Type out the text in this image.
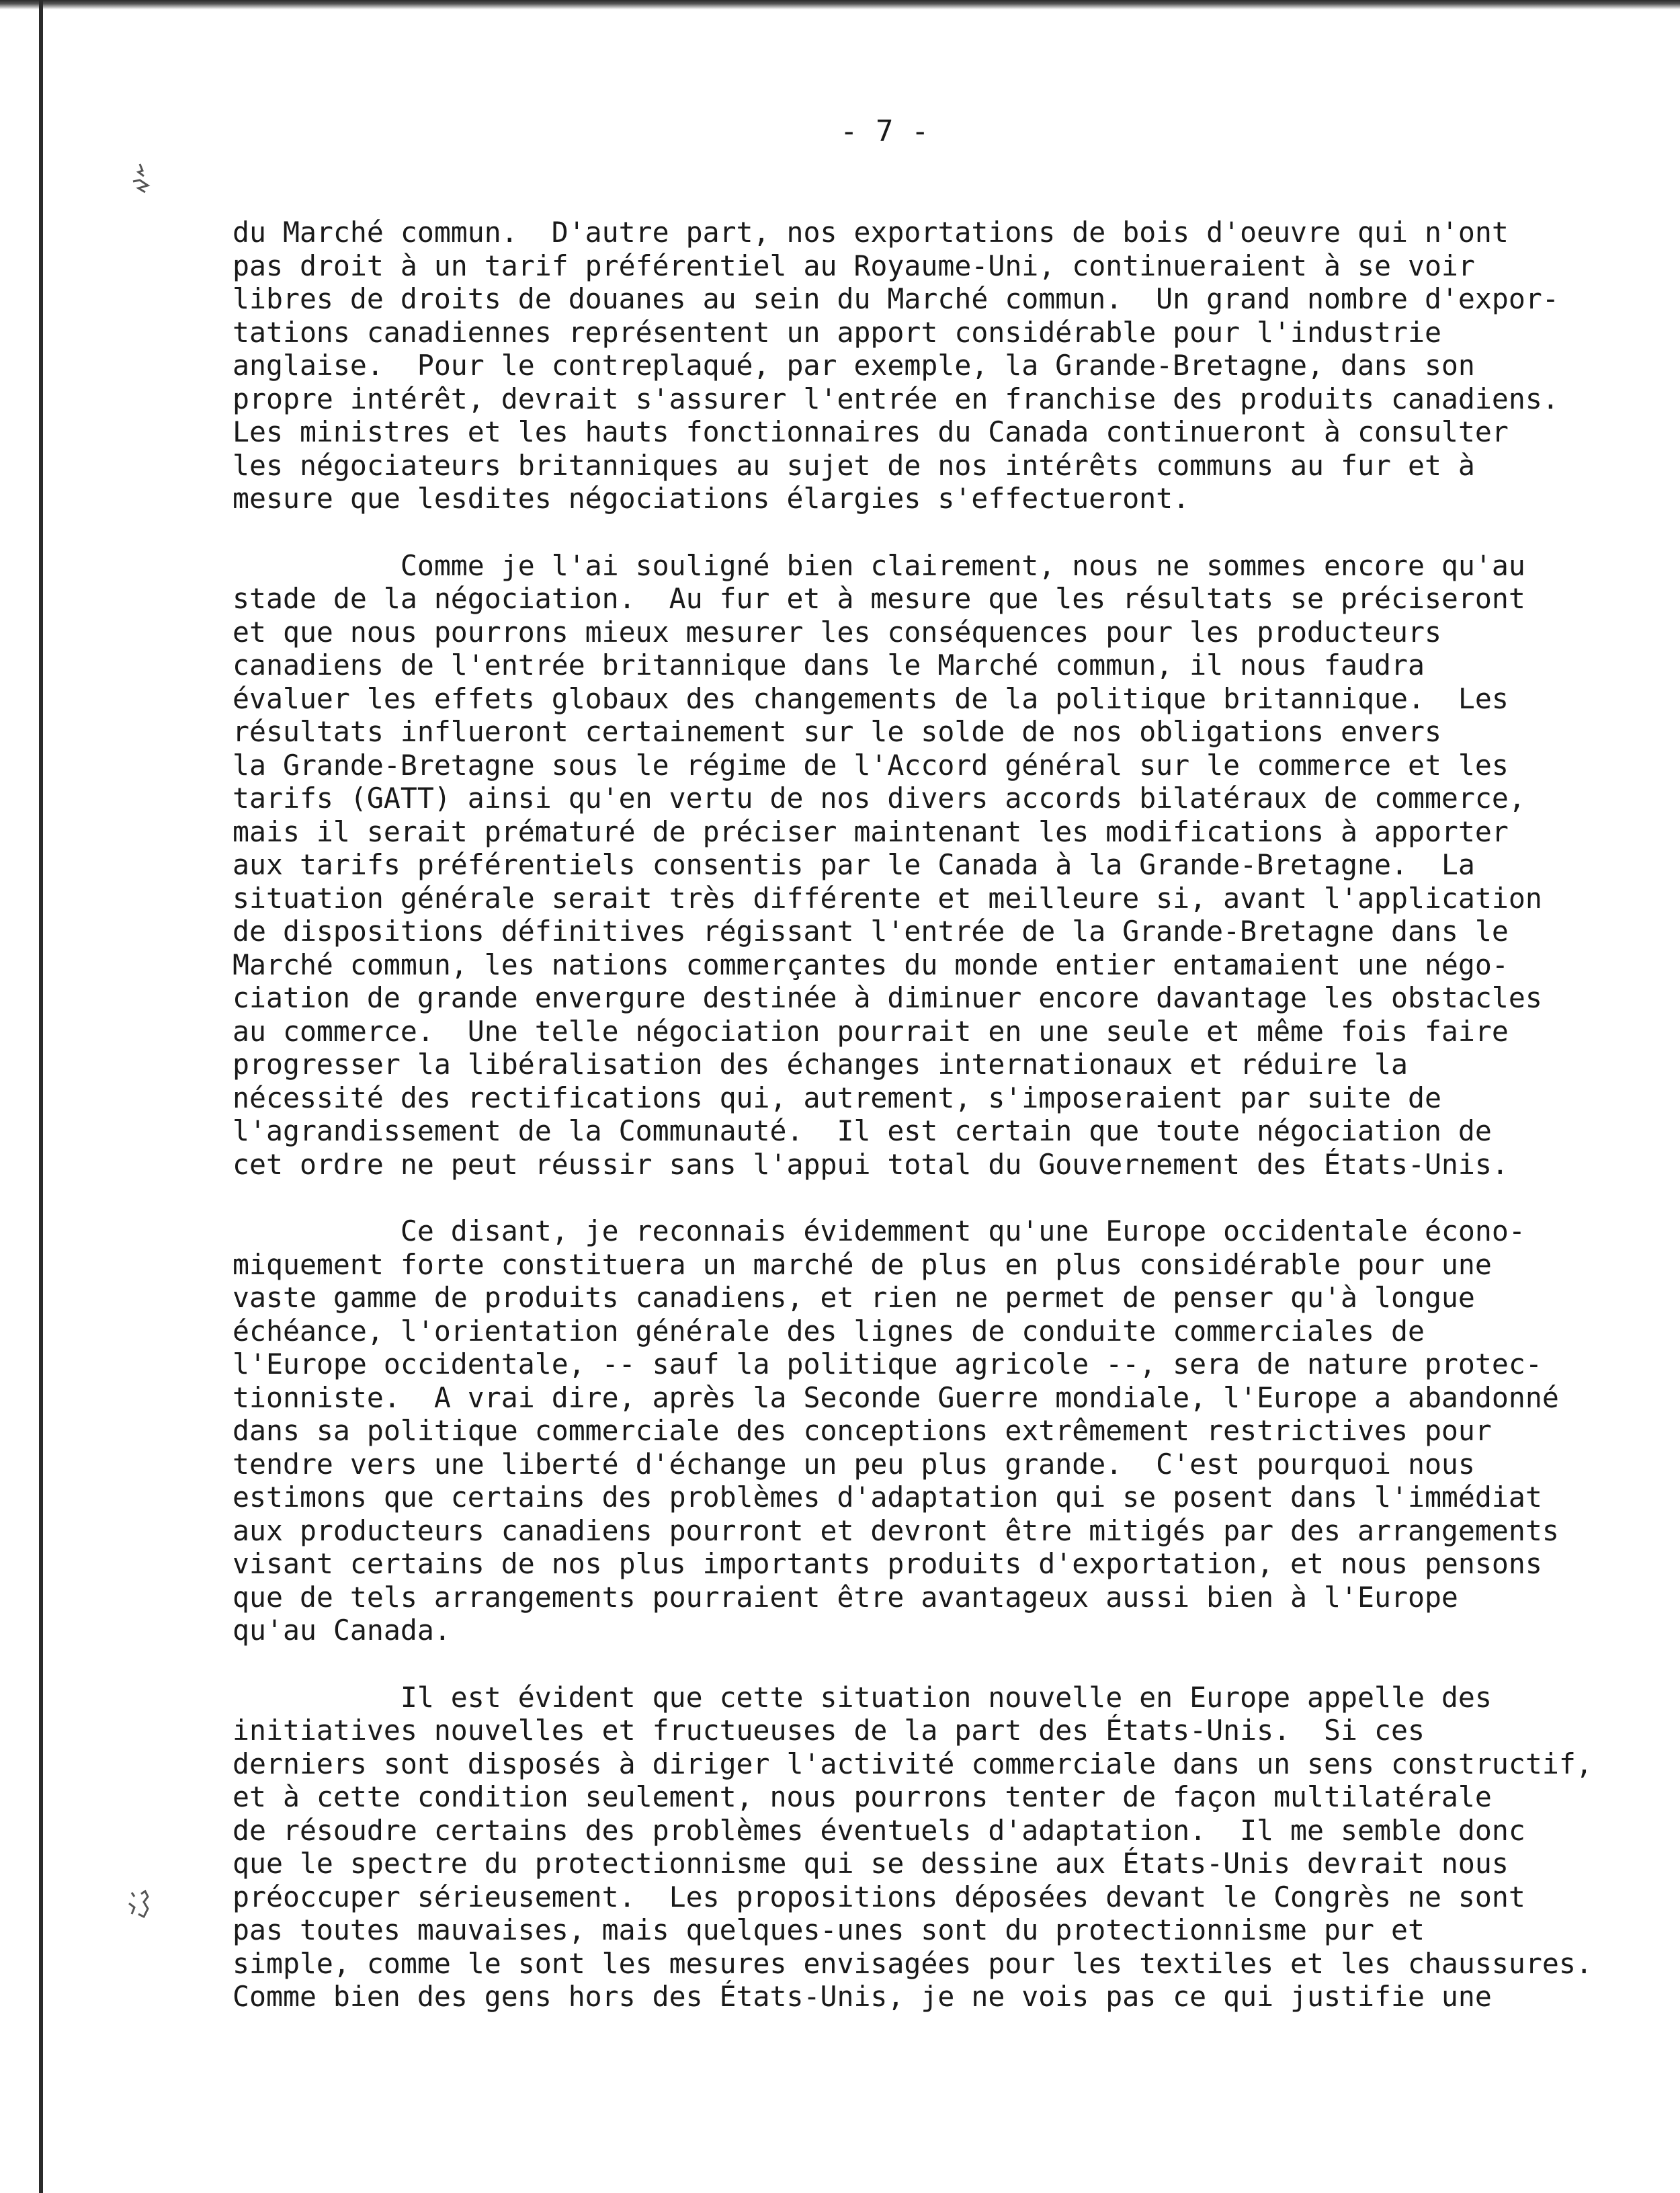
- 7 -

du Marché commun.  D'autre part, nos exportations de bois d'oeuvre qui n'ont
pas droit à un tarif préférentiel au Royaume-Uni, continueraient à se voir
libres de droits de douanes au sein du Marché commun.  Un grand nombre d'expor-
tations canadiennes représentent un apport considérable pour l'industrie
anglaise.  Pour le contreplaqué, par exemple, la Grande-Bretagne, dans son
propre intérêt, devrait s'assurer l'entrée en franchise des produits canadiens.
Les ministres et les hauts fonctionnaires du Canada continueront à consulter
les négociateurs britanniques au sujet de nos intérêts communs au fur et à
mesure que lesdites négociations élargies s'effectueront.

Comme je l'ai souligné bien clairement, nous ne sommes encore qu'au
stade de la négociation.  Au fur et à mesure que les résultats se préciseront
et que nous pourrons mieux mesurer les conséquences pour les producteurs
canadiens de l'entrée britannique dans le Marché commun, il nous faudra
évaluer les effets globaux des changements de la politique britannique.  Les
résultats influeront certainement sur le solde de nos obligations envers
la Grande-Bretagne sous le régime de l'Accord général sur le commerce et les
tarifs (GATT) ainsi qu'en vertu de nos divers accords bilatéraux de commerce,
mais il serait prématuré de préciser maintenant les modifications à apporter
aux tarifs préférentiels consentis par le Canada à la Grande-Bretagne.  La
situation générale serait très différente et meilleure si, avant l'application
de dispositions définitives régissant l'entrée de la Grande-Bretagne dans le
Marché commun, les nations commerçantes du monde entier entamaient une négo-
ciation de grande envergure destinée à diminuer encore davantage les obstacles
au commerce.  Une telle négociation pourrait en une seule et même fois faire
progresser la libéralisation des échanges internationaux et réduire la
nécessité des rectifications qui, autrement, s'imposeraient par suite de
l'agrandissement de la Communauté.  Il est certain que toute négociation de
cet ordre ne peut réussir sans l'appui total du Gouvernement des États-Unis.

Ce disant, je reconnais évidemment qu'une Europe occidentale écono-
miquement forte constituera un marché de plus en plus considérable pour une
vaste gamme de produits canadiens, et rien ne permet de penser qu'à longue
échéance, l'orientation générale des lignes de conduite commerciales de
l'Europe occidentale, -- sauf la politique agricole --, sera de nature protec-
tionniste.  A vrai dire, après la Seconde Guerre mondiale, l'Europe a abandonné
dans sa politique commerciale des conceptions extrêmement restrictives pour
tendre vers une liberté d'échange un peu plus grande.  C'est pourquoi nous
estimons que certains des problèmes d'adaptation qui se posent dans l'immédiat
aux producteurs canadiens pourront et devront être mitigés par des arrangements
visant certains de nos plus importants produits d'exportation, et nous pensons
que de tels arrangements pourraient être avantageux aussi bien à l'Europe
qu'au Canada.

Il est évident que cette situation nouvelle en Europe appelle des
initiatives nouvelles et fructueuses de la part des États-Unis.  Si ces
derniers sont disposés à diriger l'activité commerciale dans un sens constructif,
et à cette condition seulement, nous pourrons tenter de façon multilatérale
de résoudre certains des problèmes éventuels d'adaptation.  Il me semble donc
que le spectre du protectionnisme qui se dessine aux États-Unis devrait nous
préoccuper sérieusement.  Les propositions déposées devant le Congrès ne sont
pas toutes mauvaises, mais quelques-unes sont du protectionnisme pur et
simple, comme le sont les mesures envisagées pour les textiles et les chaussures.
Comme bien des gens hors des États-Unis, je ne vois pas ce qui justifie une
